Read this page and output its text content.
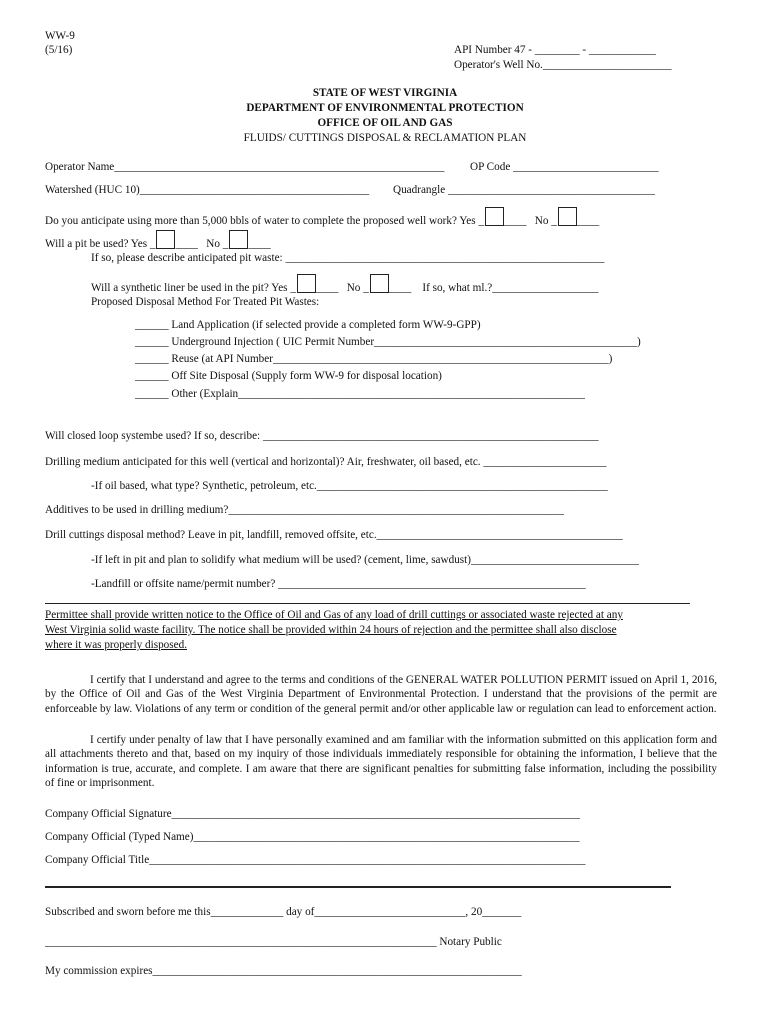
WW-9
(5/16)	API Number 47 - ________ - ____________
Operator's Well No._______________________
STATE OF WEST VIRGINIA
DEPARTMENT OF ENVIRONMENTAL PROTECTION
OFFICE OF OIL AND GAS
FLUIDS/ CUTTINGS DISPOSAL & RECLAMATION PLAN
Operator Name___________________________________________________________ OP Code __________________________
Watershed (HUC 10)_________________________________________ Quadrangle _____________________________________
Do you anticipate using more than 5,000 bbls of water to complete the proposed well work? Yes _ ____ No _ ____
Will a pit be used? Yes _ ____ No _ ____
If so, please describe anticipated pit waste: _________________________________________________________
Will a synthetic liner be used in the pit? Yes _ ____ No _ ____ If so, what ml.?___________________
Proposed Disposal Method For Treated Pit Wastes:
______ Land Application (if selected provide a completed form WW-9-GPP)
______ Underground Injection ( UIC Permit Number_______________________________________________)
______ Reuse (at API Number____________________________________________________________)
______ Off Site Disposal (Supply form WW-9 for disposal location)
______ Other (Explain______________________________________________________________
Will closed loop systembe used? If so, describe: ____________________________________________________________
Drilling medium anticipated for this well (vertical and horizontal)? Air, freshwater, oil based, etc. ______________________
-If oil based, what type? Synthetic, petroleum, etc.____________________________________________________
Additives to be used in drilling medium?____________________________________________________________
Drill cuttings disposal method? Leave in pit, landfill, removed offsite, etc.____________________________________________
-If left in pit and plan to solidify what medium will be used? (cement, lime, sawdust)______________________________
-Landfill or offsite name/permit number? _______________________________________________________
Permittee shall provide written notice to the Office of Oil and Gas of any load of drill cuttings or associated waste rejected at any
West Virginia solid waste facility. The notice shall be provided within 24 hours of rejection and the permittee shall also disclose
where it was properly disposed.
I certify that I understand and agree to the terms and conditions of the GENERAL WATER POLLUTION PERMIT issued on April 1, 2016, by the Office of Oil and Gas of the West Virginia Department of Environmental Protection. I understand that the provisions of the permit are enforceable by law. Violations of any term or condition of the general permit and/or other applicable law or regulation can lead to enforcement action.
I certify under penalty of law that I have personally examined and am familiar with the information submitted on this application form and all attachments thereto and that, based on my inquiry of those individuals immediately responsible for obtaining the information, I believe that the information is true, accurate, and complete. I am aware that there are significant penalties for submitting false information, including the possibility of fine or imprisonment.
Company Official Signature_________________________________________________________________________
Company Official (Typed Name)_____________________________________________________________________
Company Official Title______________________________________________________________________________
Subscribed and sworn before me this_____________ day of___________________________, 20_______
______________________________________________________________________ Notary Public
My commission expires__________________________________________________________________
